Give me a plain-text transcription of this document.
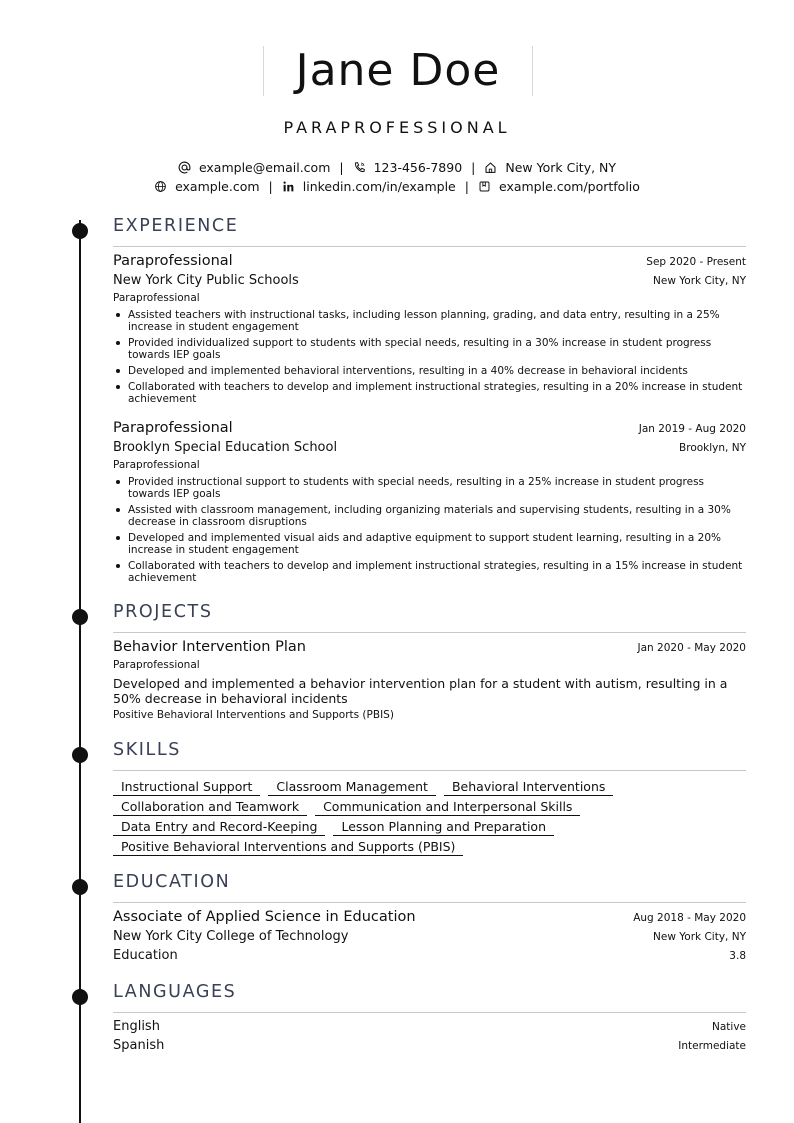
Jane Doe
PARAPROFESSIONAL
example@email.com | 123-456-7890 | New York City, NY
example.com | linkedin.com/in/example | example.com/portfolio
EXPERIENCE
Paraprofessional	Sep 2020 - Present
New York City Public Schools	New York City, NY
Paraprofessional
Assisted teachers with instructional tasks, including lesson planning, grading, and data entry, resulting in a 25% increase in student engagement
Provided individualized support to students with special needs, resulting in a 30% increase in student progress towards IEP goals
Developed and implemented behavioral interventions, resulting in a 40% decrease in behavioral incidents
Collaborated with teachers to develop and implement instructional strategies, resulting in a 20% increase in student achievement
Paraprofessional	Jan 2019 - Aug 2020
Brooklyn Special Education School	Brooklyn, NY
Paraprofessional
Provided instructional support to students with special needs, resulting in a 25% increase in student progress towards IEP goals
Assisted with classroom management, including organizing materials and supervising students, resulting in a 30% decrease in classroom disruptions
Developed and implemented visual aids and adaptive equipment to support student learning, resulting in a 20% increase in student engagement
Collaborated with teachers to develop and implement instructional strategies, resulting in a 15% increase in student achievement
PROJECTS
Behavior Intervention Plan	Jan 2020 - May 2020
Paraprofessional
Developed and implemented a behavior intervention plan for a student with autism, resulting in a 50% decrease in behavioral incidents
Positive Behavioral Interventions and Supports (PBIS)
SKILLS
Instructional Support	Classroom Management	Behavioral Interventions
Collaboration and Teamwork	Communication and Interpersonal Skills
Data Entry and Record-Keeping	Lesson Planning and Preparation
Positive Behavioral Interventions and Supports (PBIS)
EDUCATION
Associate of Applied Science in Education	Aug 2018 - May 2020
New York City College of Technology	New York City, NY
Education	3.8
LANGUAGES
English	Native
Spanish	Intermediate
